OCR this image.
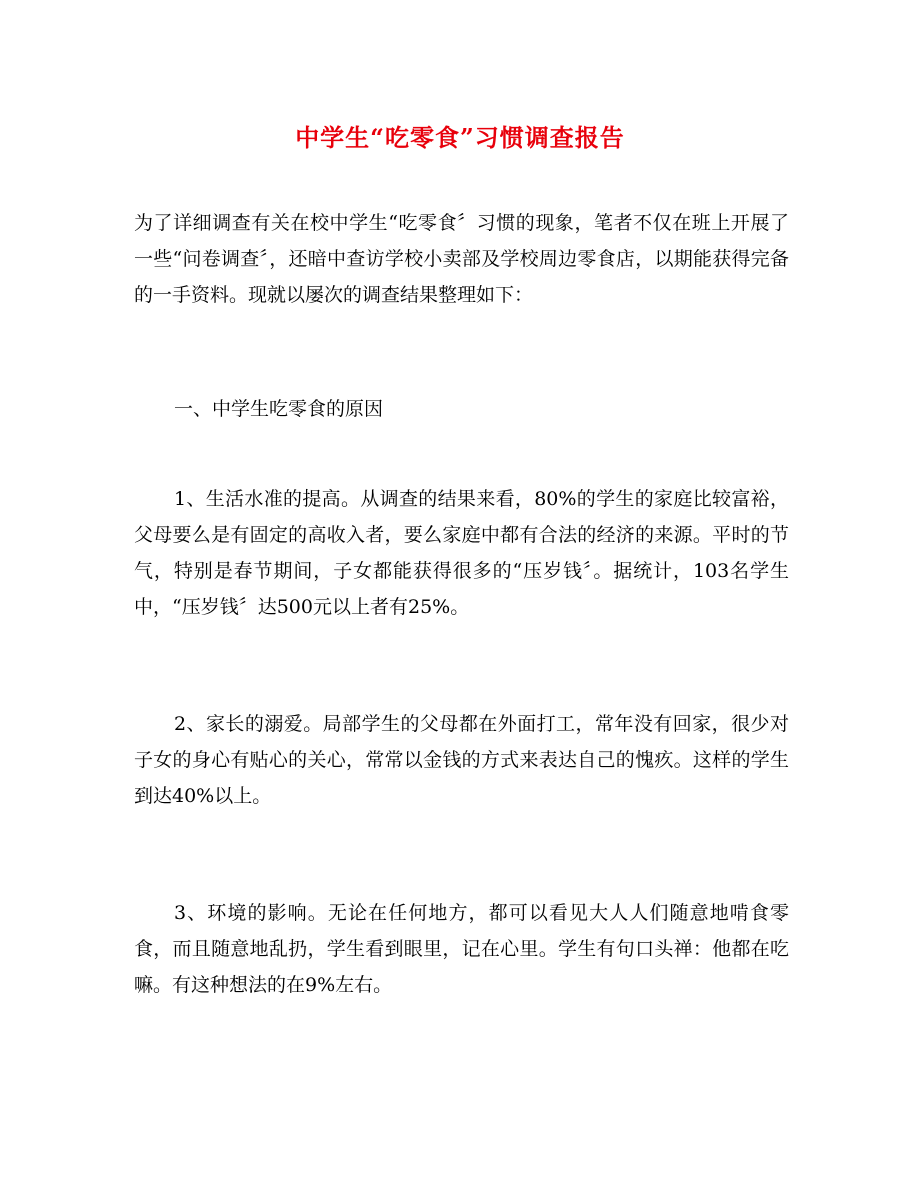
中学生“吃零食”习惯调查报告

为了详细调查有关在校中学生“吃零食〞习惯的现象，笔者不仅在班上开展了一些“问卷调查〞，还暗中查访学校小卖部及学校周边零食店，以期能获得完备的一手资料。现就以屡次的调查结果整理如下：

一、中学生吃零食的原因

1、生活水准的提高。从调查的结果来看，80%的学生的家庭比较富裕，父母要么是有固定的高收入者，要么家庭中都有合法的经济的来源。平时的节气，特别是春节期间，子女都能获得很多的“压岁钱〞。据统计，103名学生中，“压岁钱〞达500元以上者有25%。

2、家长的溺爱。局部学生的父母都在外面打工，常年没有回家，很少对子女的身心有贴心的关心，常常以金钱的方式来表达自己的愧疚。这样的学生到达40%以上。

3、环境的影响。无论在任何地方，都可以看见大人人们随意地啃食零食，而且随意地乱扔，学生看到眼里，记在心里。学生有句口头禅：他都在吃嘛。有这种想法的在9%左右。
